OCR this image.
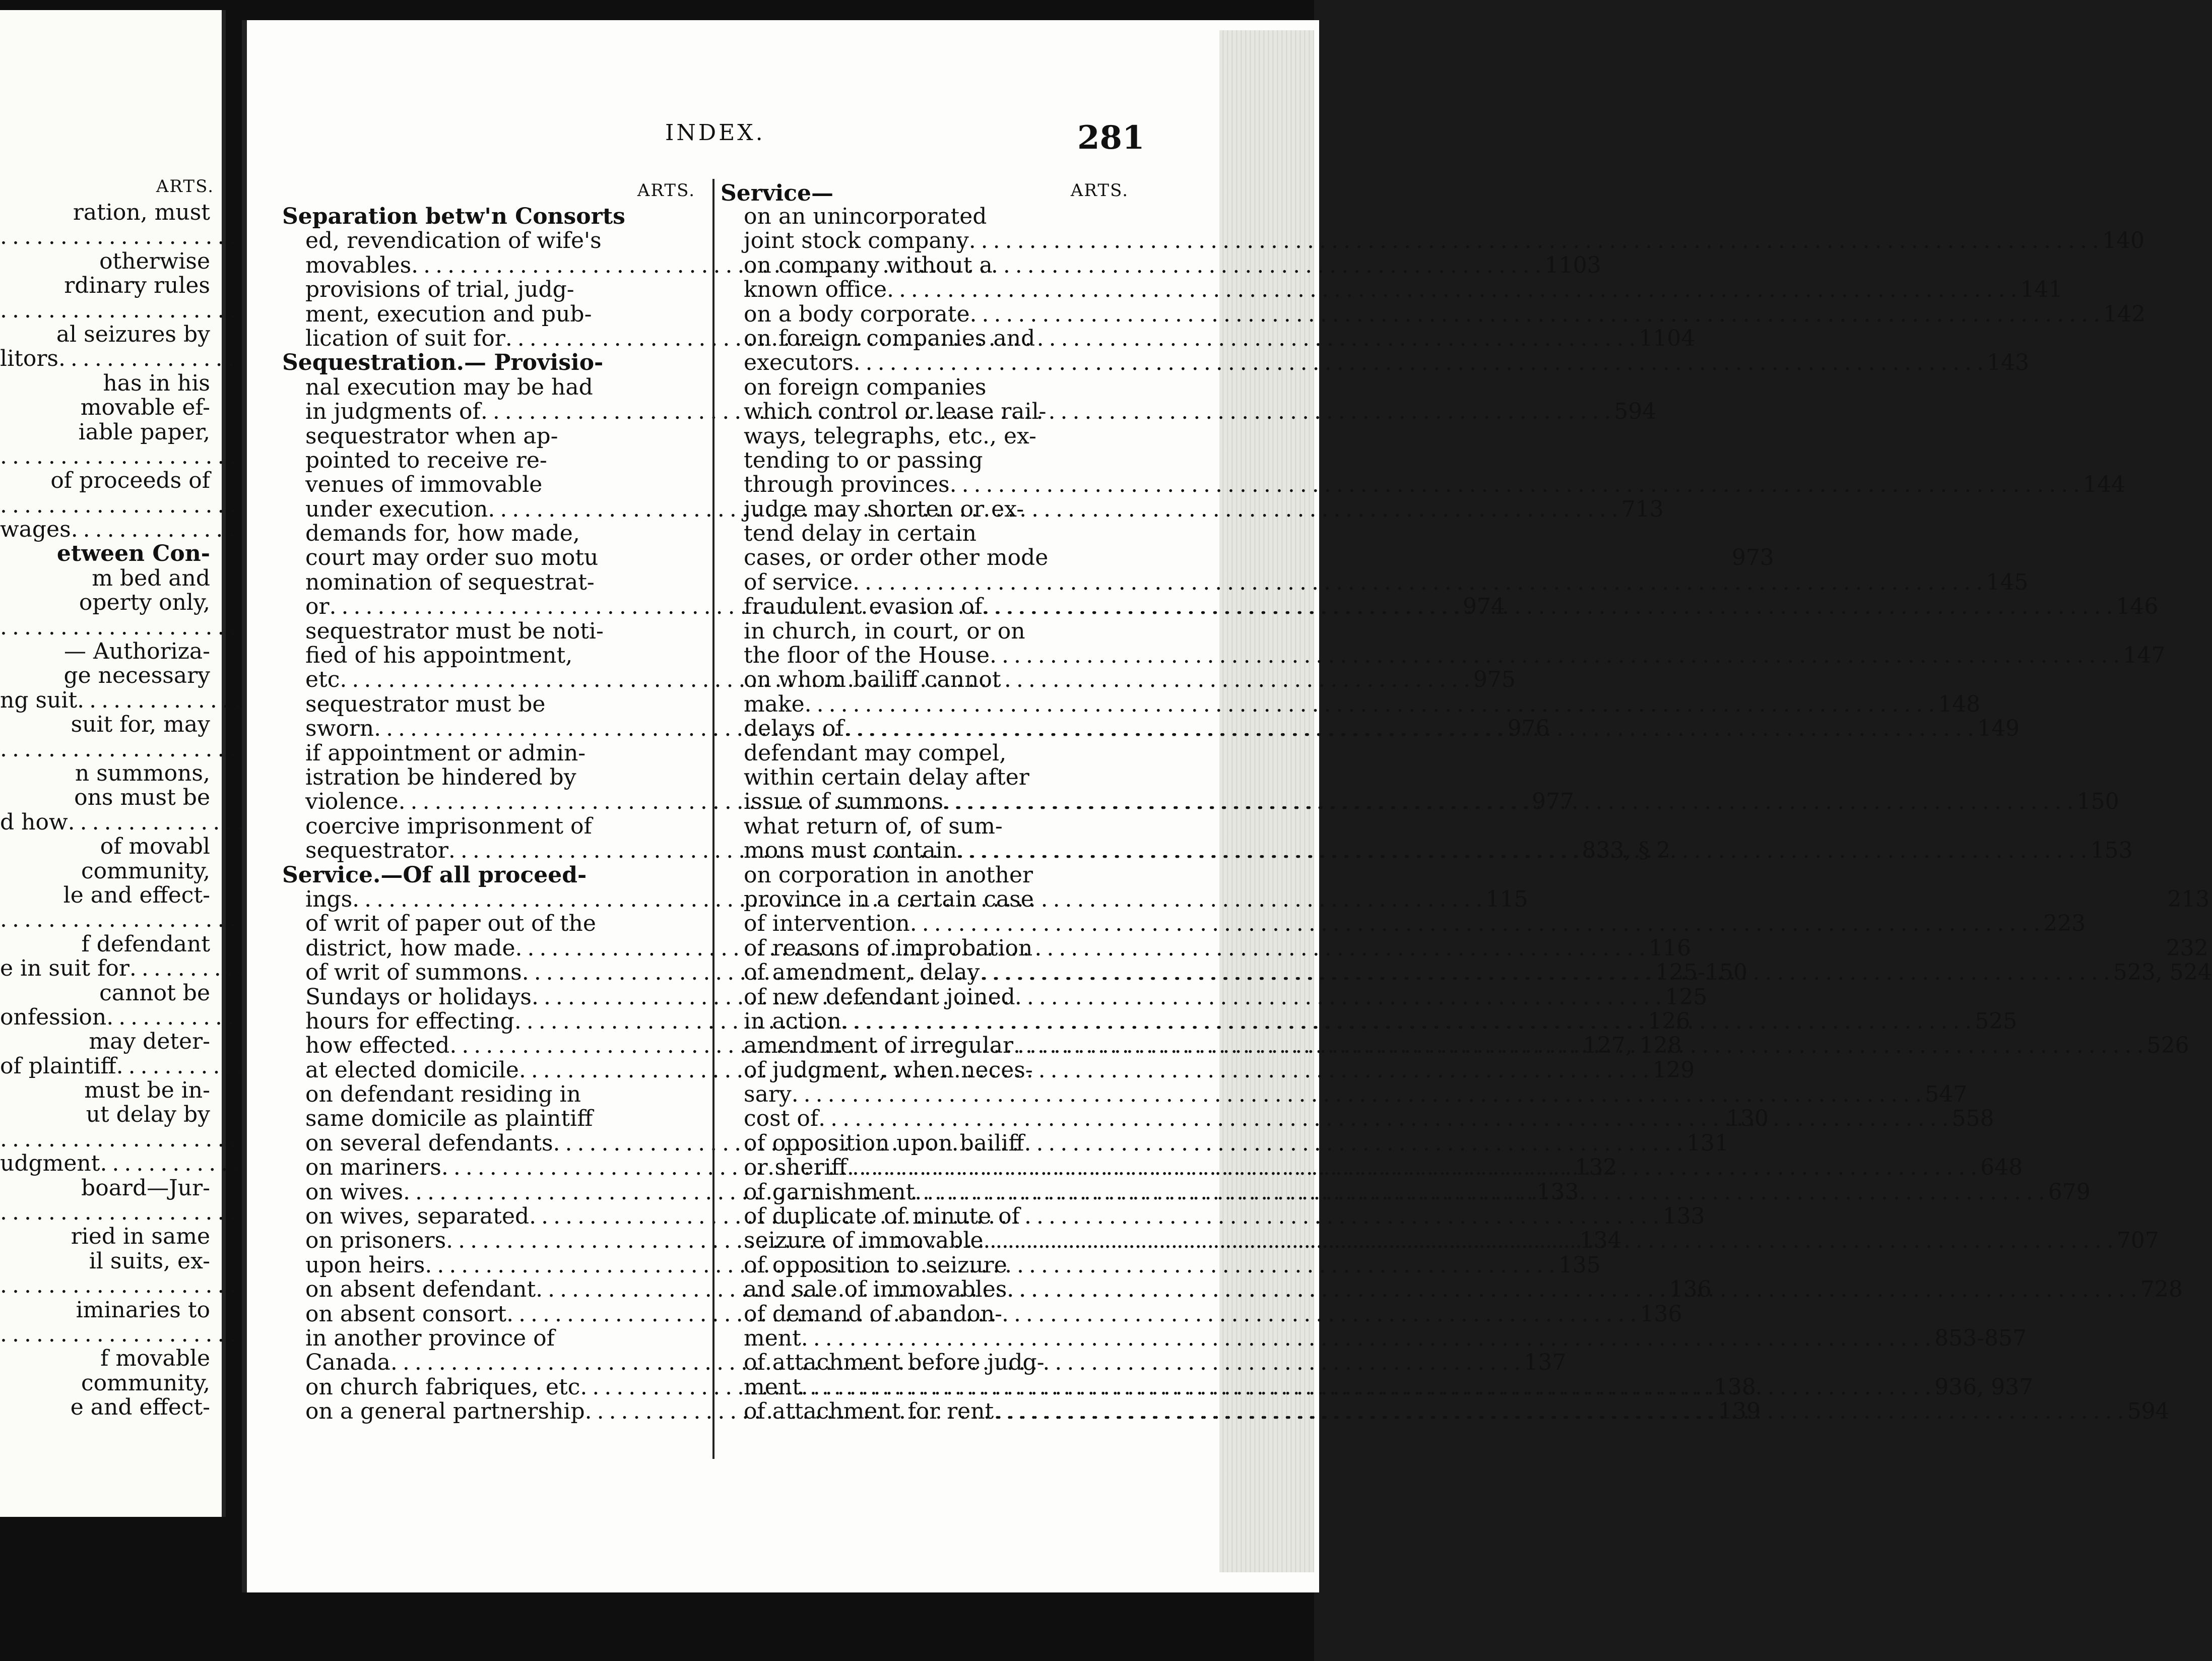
ARTS.
ration, must
. . .
otherwise
rdinary rules
. . .
al seizures by
litors
. . .
has in his
movable ef-
iable paper,
. . .
of proceeds of
. . .
wages
. . .
etween Con-
m bed and
operty only,
. . .
— Authoriza-
ge necessary
ng suit
. . .
suit for, may
. . .
n summons,
ons must be
d how
. . .
of movabl
community,
le and effect-
. . .
f defendant
e in suit for
. . .
cannot be
onfession
. . .
may deter-
of plaintiff
. . .
must be in-
ut delay by
. . .
udgment
. . .
board—Jur-
. . .
ried in same
il suits, ex-
. . .
iminaries to
. . .
f movable
community,
e and effect-
INDEX.	281
ARTS.
Separation betw'n Consorts
ed, revendication of wife's
movables . . .	1103
provisions of trial, judg-
ment, execution and pub-
lication of suit for . . .	1104
Sequestration.— Provisio-
nal execution may be had
in judgments of . . .	594
sequestrator when ap-
pointed to receive re-
venues of immovable
under execution . . .	713
demands for, how made,
court may order suo motu	973
nomination of sequestrat-
or . . .	974
sequestrator must be noti-
fied of his appointment,
etc . . .	975
sequestrator must be
sworn . . .	976
if appointment or admin-
istration be hindered by
violence . . .	977
coercive imprisonment of
sequestrator . . .	833, § 2
Service.—Of all proceed-
ings . . .	115
of writ of paper out of the
district, how made . . .	116
of writ of summons . . .	125-150
Sundays or holidays . . .	125
hours for effecting . . .	126
how effected . . .	127, 128
at elected domicile . . .	129
on defendant residing in
same domicile as plaintiff	130
on several defendants . . .	131
on mariners . . .	132
on wives . . .	133
on wives, separated . . .	133
on prisoners . . .	134
upon heirs . . .	135
on absent defendant . . .	136
on absent consort . . .	136
in another province of
Canada . . .	137
on church fabriques, etc . . .	138
on a general partnership . . .	139
Service—	ARTS.
on an unincorporated
joint stock company . . .	140
on company without a
known office . . .	141
on a body corporate . . .	142
on foreign companies and
executors . . .	143
on foreign companies
which control or lease rail-
ways, telegraphs, etc., ex-
tending to or passing
through provinces . . .	144
judge may shorten or ex-
tend delay in certain
cases, or order other mode
of service . . .	145
fraudulent evasion of . . .	146
in church, in court, or on
the floor of the House . . .	147
on whom bailiff cannot
make . . .	148
delays of . . .	149
defendant may compel,
within certain delay after
issue of summons . . .	150
what return of, of sum-
mons must contain . . .	153
on corporation in another
province in a certain case	213
of intervention . . .	223
of reasons of improbation	232
of amendment, delay . . .	523, 524
of new defendant joined
in action . . .	525
amendment of irregular . . .	526
of judgment, when neces-
sary . . .	547
cost of . . .	558
of opposition upon bailiff
or sheriff . . .	648
of garnishment . . .	679
of duplicate of minute of
seizure of immovable . . .	707
of opposition to seizure
and sale of immovables . . .	728
of demand of abandon-
ment . . .	853-857
of attachment before judg-
ment . . .	936, 937
of attachment for rent . . .	594
